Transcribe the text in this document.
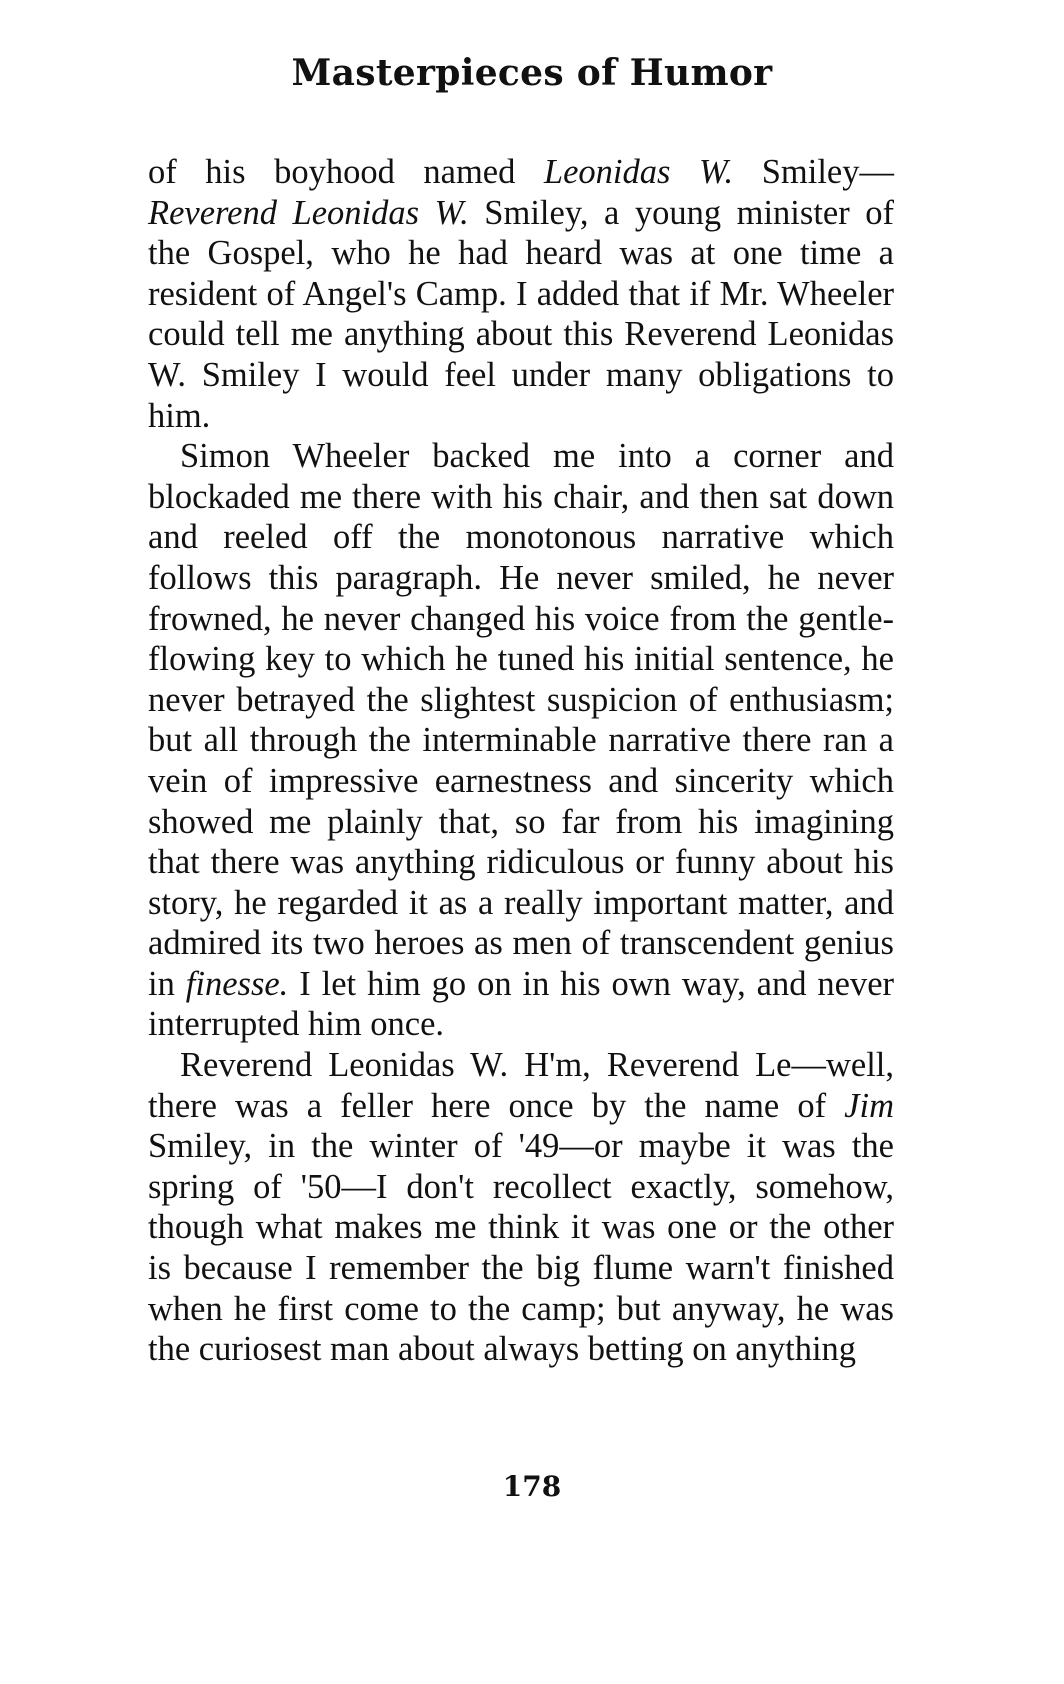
Masterpieces of Humor

of his boyhood named Leonidas W. Smiley—Reverend Leonidas W. Smiley, a young minister of the Gospel, who he had heard was at one time a resident of Angel's Camp. I added that if Mr. Wheeler could tell me anything about this Reverend Leonidas W. Smiley I would feel under many obligations to him.

Simon Wheeler backed me into a corner and blockaded me there with his chair, and then sat down and reeled off the monotonous narrative which follows this paragraph. He never smiled, he never frowned, he never changed his voice from the gentle-flowing key to which he tuned his initial sentence, he never betrayed the slightest suspicion of enthusiasm; but all through the interminable narrative there ran a vein of impressive earnestness and sincerity which showed me plainly that, so far from his imagining that there was anything ridiculous or funny about his story, he regarded it as a really important matter, and admired its two heroes as men of transcendent genius in finesse. I let him go on in his own way, and never interrupted him once.

Reverend Leonidas W. H'm, Reverend Le—well, there was a feller here once by the name of Jim Smiley, in the winter of '49—or maybe it was the spring of '50—I don't recollect exactly, somehow, though what makes me think it was one or the other is because I remember the big flume warn't finished when he first come to the camp; but anyway, he was the curiosest man about always betting on anything

178
